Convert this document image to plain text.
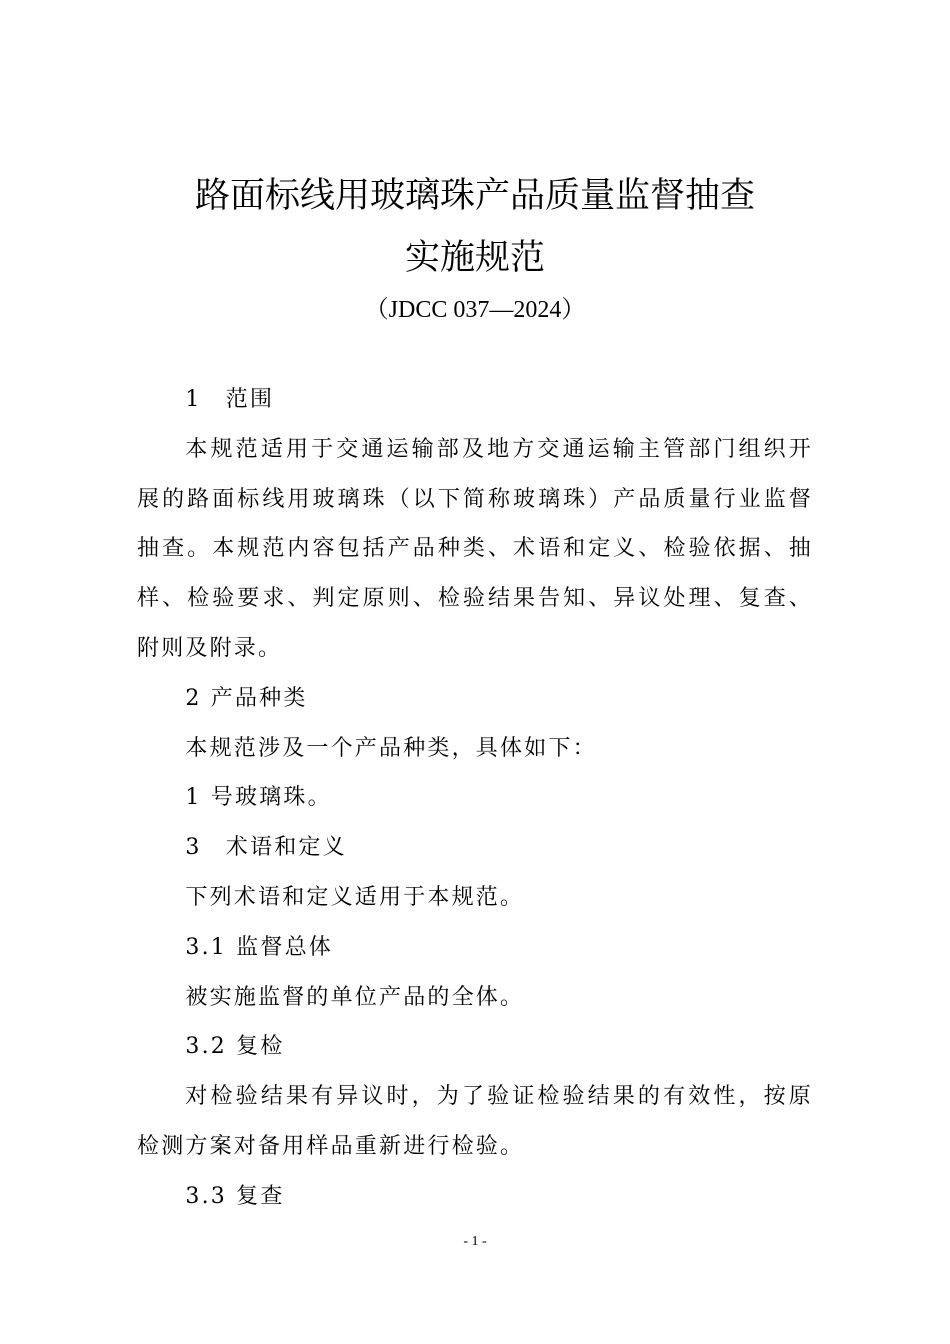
路面标线用玻璃珠产品质量监督抽查
实施规范
（JDCC 037—2024）

1　范围

本规范适用于交通运输部及地方交通运输主管部门组织开展的路面标线用玻璃珠（以下简称玻璃珠）产品质量行业监督抽查。本规范内容包括产品种类、术语和定义、检验依据、抽样、检验要求、判定原则、检验结果告知、异议处理、复查、附则及附录。

2 产品种类

本规范涉及一个产品种类，具体如下：

1 号玻璃珠。

3　术语和定义

下列术语和定义适用于本规范。

3.1 监督总体

被实施监督的单位产品的全体。

3.2 复检

对检验结果有异议时，为了验证检验结果的有效性，按原检测方案对备用样品重新进行检验。

3.3 复查

- 1 -
